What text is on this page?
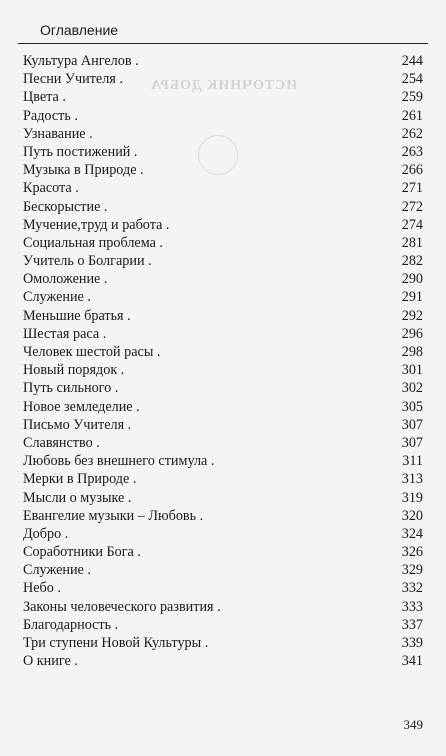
ИСТОЧНИК ДОБРА
Оглавление
Культура Ангелов .	244
Песни Учителя .	254
Цвета .	259
Радость .	261
Узнавание .	262
Путь постижений .	263
Музыка в Природе .	266
Красота .	271
Бескорыстие .	272
Мучение,труд и работа .	274
Социальная проблема .	281
Учитель о Болгарии .	282
Омоложение .	290
Служение .	291
Меньшие братья .	292
Шестая раса .	296
Человек шестой расы .	298
Новый порядок .	301
Путь сильного .	302
Новое земледелие .	305
Письмо Учителя .	307
Славянство .	307
Любовь без внешнего стимула .	311
Мерки в Природе .	313
Мысли о музыке .	319
Евангелие музыки – Любовь .	320
Добро .	324
Соработники Бога .	326
Служение .	329
Небо .	332
Законы человеческого развития .	333
Благодарность .	337
Три ступени Новой Культуры .	339
О книге .	341
349
